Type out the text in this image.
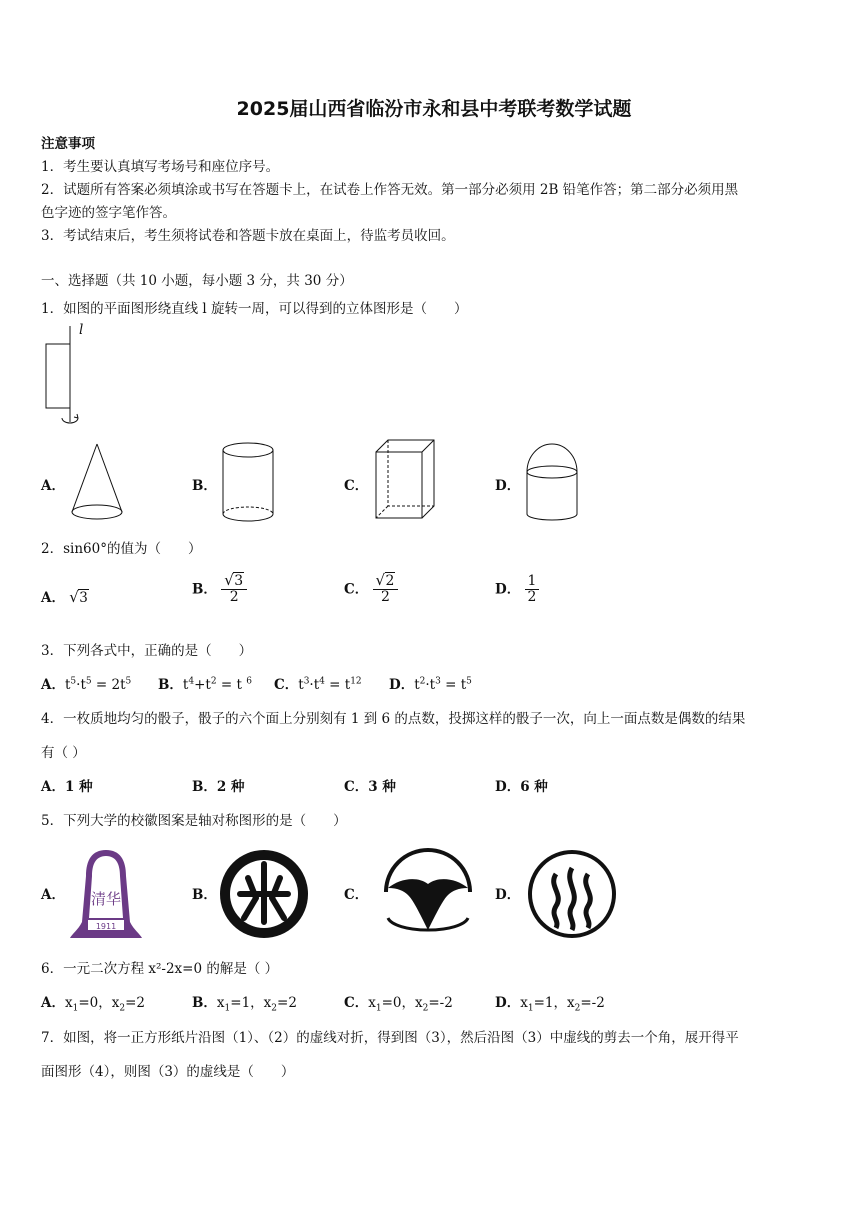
2025届山西省临汾市永和县中考联考数学试题
注意事项
1．考生要认真填写考场号和座位序号。
2．试题所有答案必须填涂或书写在答题卡上，在试卷上作答无效。第一部分必须用 2B 铅笔作答；第二部分必须用黑
色字迹的签字笔作答。
3．考试结束后，考生须将试卷和答题卡放在桌面上，待监考员收回。
一、选择题（共 10 小题，每小题 3 分，共 30 分）
1．如图的平面图形绕直线 l 旋转一周，可以得到的立体图形是（　　）
l
A．	B．	C．	D．
2．sin60°的值为（　　）
A． √ 3
B． √ $\frac{3}{2}$	C． √ $\frac{2}{2}$	D． $\frac{1}{2}$
3．下列各式中，正确的是（　　）
A．$t^5\cdot t^5 = 2t^5$ B．$t^4+t^2 = t$ $^6$ C．$t^3\cdot t^4 = t^{12}$ D．$t^2\cdot t^3 = t^5$
4．一枚质地均匀的骰子，骰子的六个面上分别刻有 1 到 6 的点数，投掷这样的骰子一次，向上一面点数是偶数的结果
有（ ）
A．1 种	B．2 种	C．3 种	D．6 种
5．下列大学的校徽图案是轴对称图形的是（　　）
A． 清华
1911
B．	C．	D．
6．一元二次方程 x²-2x=0 的解是（ ）
A．$x_1=0$，$x_2=2$	B．$x_1=1$，$x_2=2$	C．$x_1=0$，$x_2=-2$	D．$x_1=1$，$x_2=-2$
7．如图，将一正方形纸片沿图（1）、（2）的虚线对折，得到图（3），然后沿图（3）中虚线的剪去一个角，展开得平
面图形（4），则图（3）的虚线是（　　）
